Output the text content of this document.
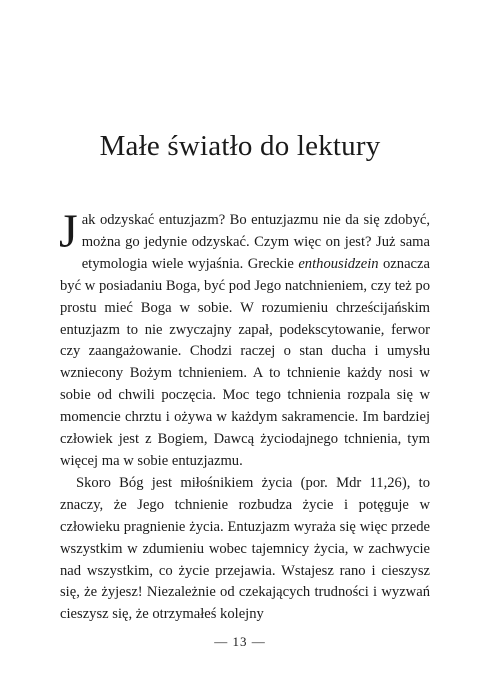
Małe światło do lektury

J ak odzyskać entuzjazm? Bo entuzjazmu nie da się zdobyć, można go jedynie odzyskać. Czym więc on jest? Już sama etymologia wiele wyjaśnia. Greckie enthousidzein oznacza być w posiadaniu Boga, być pod Jego natchnieniem, czy też po prostu mieć Boga w sobie. W rozumieniu chrześcijańskim entuzjazm to nie zwyczajny zapał, podekscytowanie, ferwor czy zaangażowanie. Chodzi raczej o stan ducha i umysłu wzniecony Bożym tchnieniem. A to tchnienie każdy nosi w sobie od chwili poczęcia. Moc tego tchnienia rozpala się w momencie chrztu i ożywa w każdym sakramencie. Im bardziej człowiek jest z Bogiem, Dawcą życiodajnego tchnienia, tym więcej ma w sobie entuzjazmu.

Skoro Bóg jest miłośnikiem życia (por. Mdr 11,26), to znaczy, że Jego tchnienie rozbudza życie i potęguje w człowieku pragnienie życia. Entuzjazm wyraża się więc przede wszystkim w zdumieniu wobec tajemnicy życia, w zachwycie nad wszystkim, co życie przejawia. Wstajesz rano i cieszysz się, że żyjesz! Niezależnie od czekających trudności i wyzwań cieszysz się, że otrzymałeś kolejny

— 13 —
